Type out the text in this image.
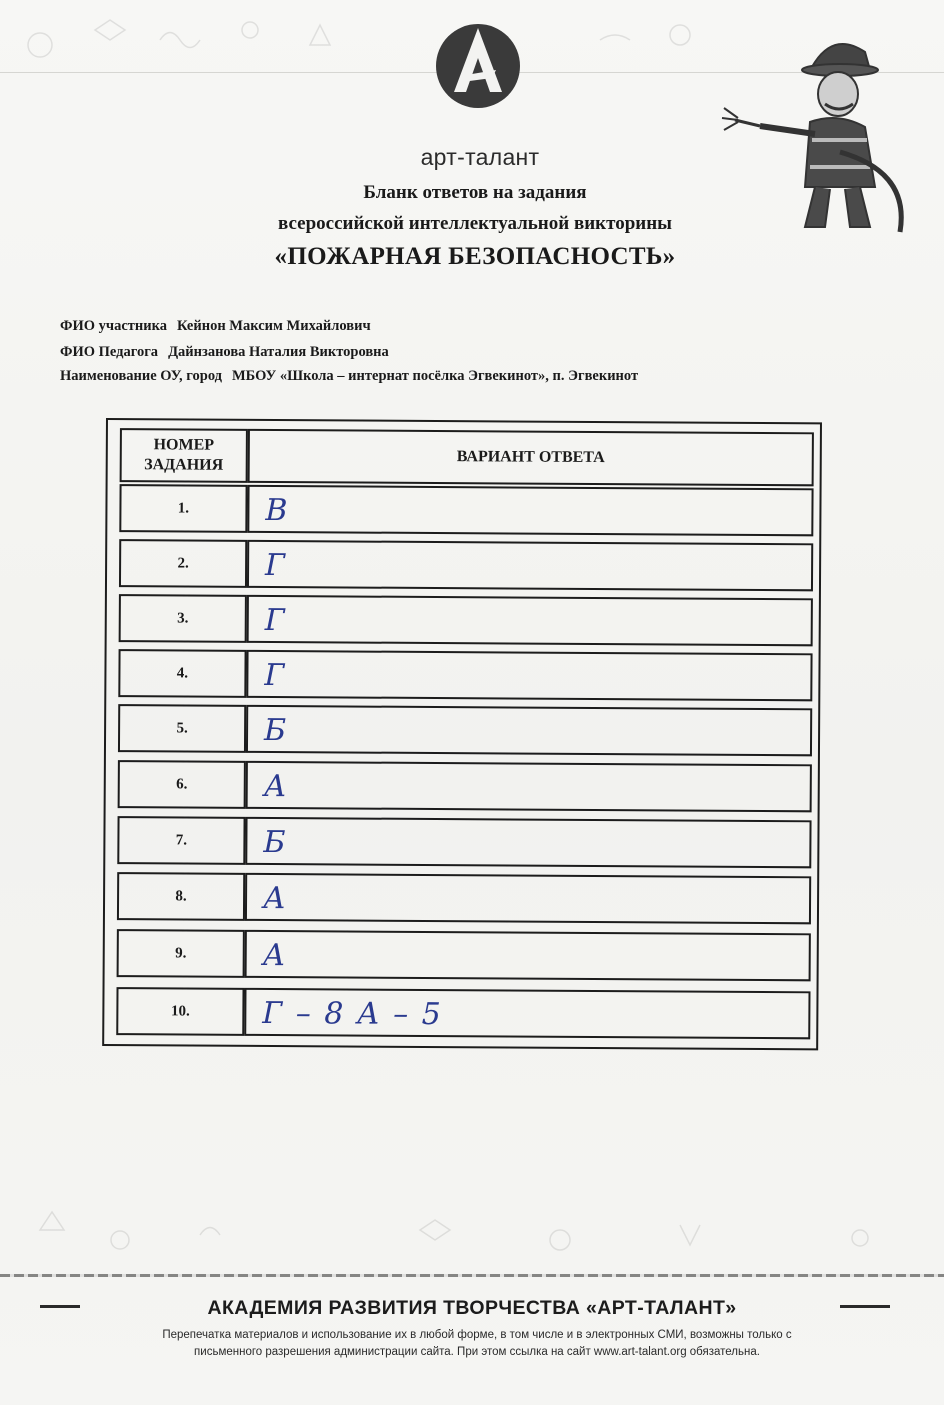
арт-талант
Бланк ответов на задания
всероссийской интеллектуальной викторины
«ПОЖАРНАЯ БЕЗОПАСНОСТЬ»
ФИО участника Кейнон Максим Михайлович
ФИО Педагога Дайнзанова Наталия Викторовна
Наименование ОУ, город МБОУ «Школа – интернат посёлка Эгвекинот», п. Эгвекинот
НОМЕР
ЗАДАНИЯ	ВАРИАНТ ОТВЕТА
1.	В
2.	Г
3.	Г
4.	Г
5.	Б
6.	А
7.	Б
8.	А
9.	А
10.	Г – 8 А – 5
АКАДЕМИЯ РАЗВИТИЯ ТВОРЧЕСТВА «АРТ-ТАЛАНТ»
Перепечатка материалов и использование их в любой форме, в том числе и в электронных СМИ, возможны только с
письменного разрешения администрации сайта. При этом ссылка на сайт www.art-talant.org обязательна.
